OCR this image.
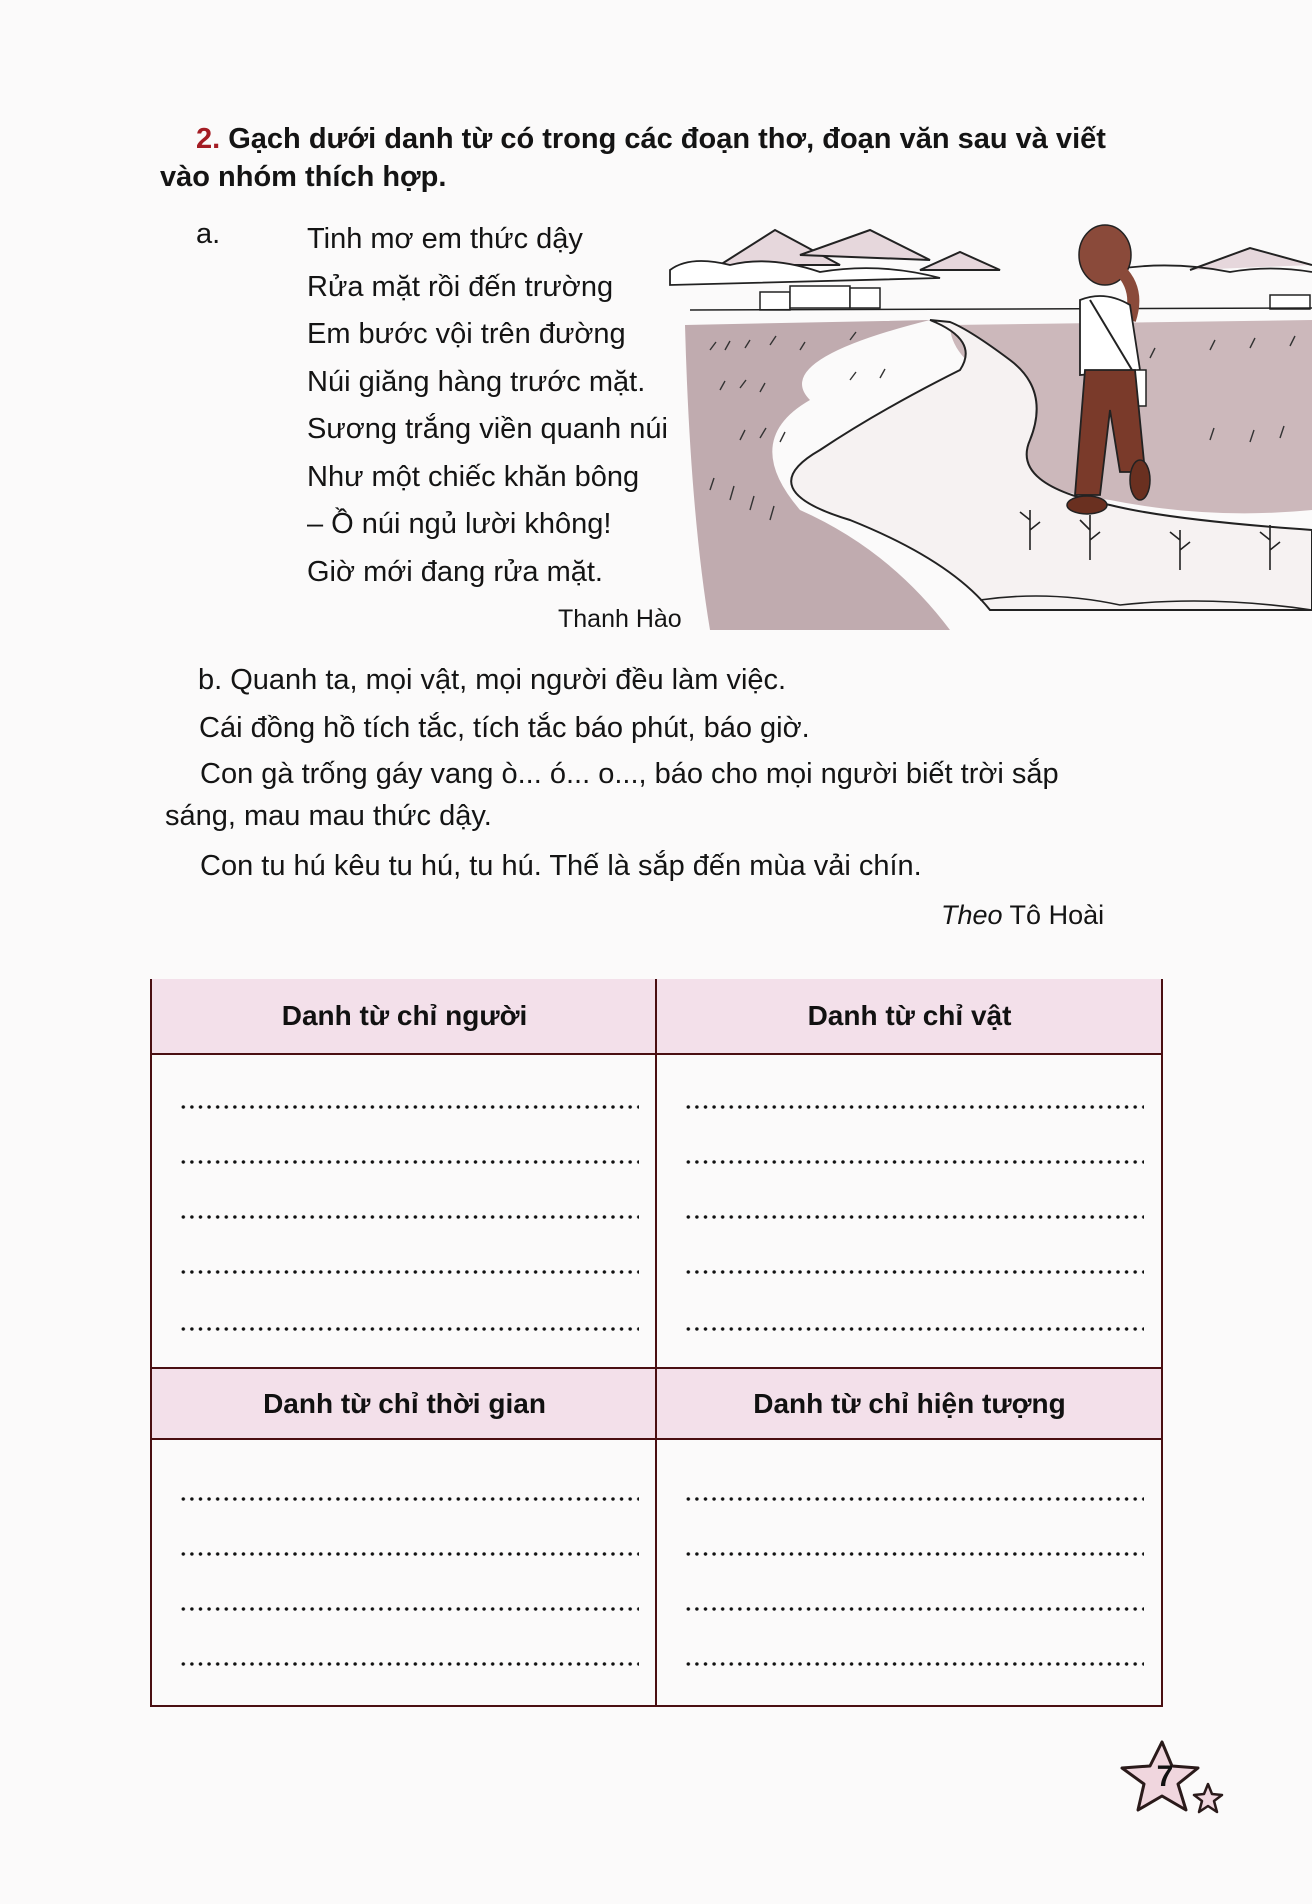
2. Gạch dưới danh từ có trong các đoạn thơ, đoạn văn sau và viết
vào nhóm thích hợp.
a.	Tinh mơ em thức dậy
Rửa mặt rồi đến trường
Em bước vội trên đường
Núi giăng hàng trước mặt.
Sương trắng viền quanh núi
Như một chiếc khăn bông
– Ồ núi ngủ lười không!
Giờ mới đang rửa mặt.
Thanh Hào

b. Quanh ta, mọi vật, mọi người đều làm việc.

Cái đồng hồ tích tắc, tích tắc báo phút, báo giờ.

Con gà trống gáy vang ò... ó... o..., báo cho mọi người biết trời sắp

sáng, mau mau thức dậy.

Con tu hú kêu tu hú, tu hú. Thế là sắp đến mùa vải chín.

Theo Tô Hoài
Danh từ chỉ người	Danh từ chỉ vật
Danh từ chỉ thời gian	Danh từ chỉ hiện tượng
7
